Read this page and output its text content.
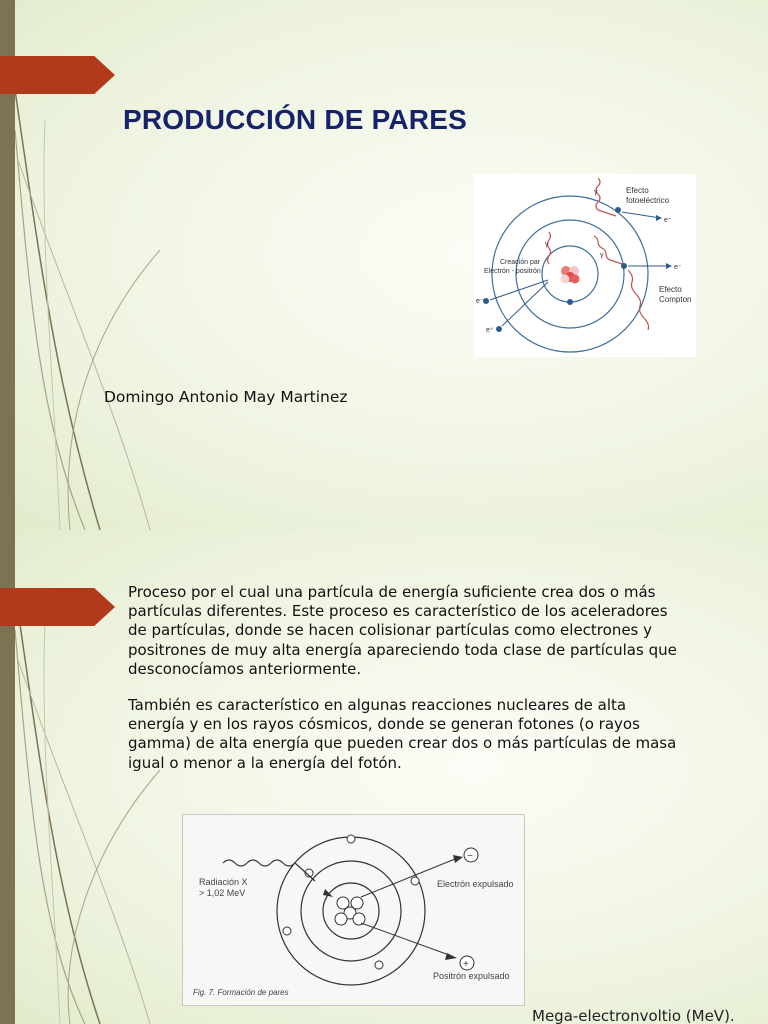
PRODUCCIÓN DE PARES
Efecto
fotoeléctrico
Creación par
Electrón - positrón
Efecto
Compton
γ
γ
γ
e⁻
e⁻
e⁻
e⁺
Domingo Antonio May Martinez

Proceso por el cual una partícula de energía suficiente crea dos o más partículas diferentes. Este proceso es característico de los aceleradores de partículas, donde se hacen colisionar partículas como electrones y positrones de muy alta energía apareciendo toda clase de partículas que desconocíamos anteriormente.

También es característico en algunas reacciones nucleares de alta energía y en los rayos cósmicos, donde se generan fotones (o rayos gamma) de alta energía que pueden crear dos o más partículas de masa igual o menor a la energía del fotón.

−
+
Radiación X
> 1,02 MeV
Electrón expulsado
Positrón expulsado
Fig. 7. Formación de pares
Mega-electronvoltio (MeV).
